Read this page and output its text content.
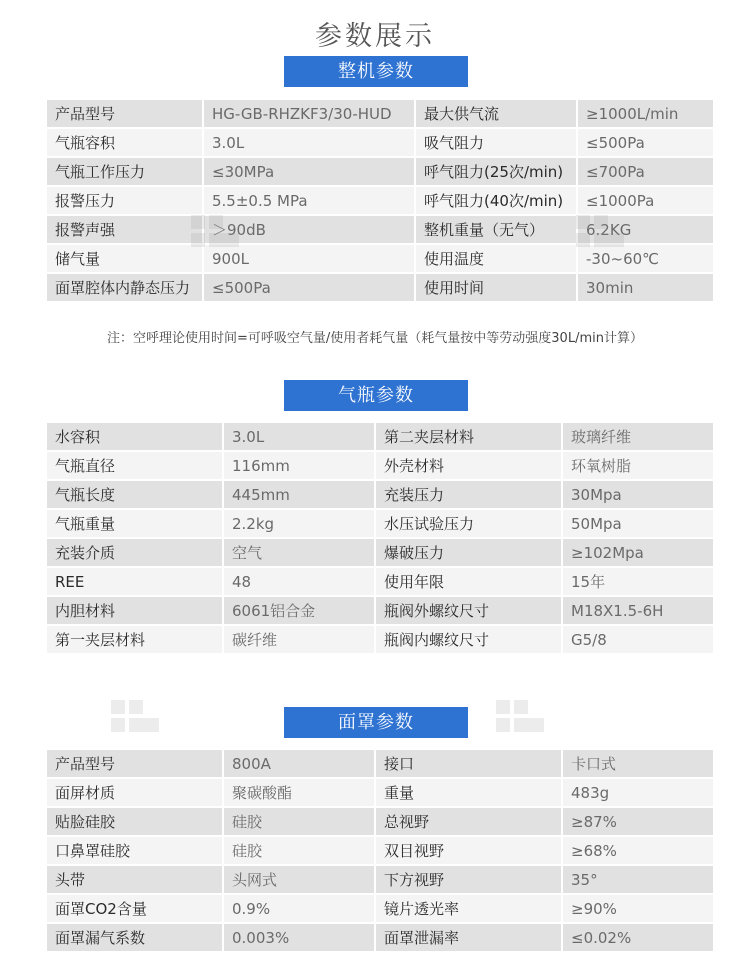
参数展示
整机参数
产品型号	HG-GB-RHZKF3/30-HUD	最大供气流	≥1000L/min
气瓶容积	3.0L	吸气阻力	≤500Pa
气瓶工作压力	≤30MPa	呼气阻力(25次/min)	≤700Pa
报警压力	5.5±0.5 MPa	呼气阻力(40次/min)	≤1000Pa
报警声强	＞90dB	整机重量（无气）	6.2KG
储气量	900L	使用温度	-30~60℃
面罩腔体内静态压力	≤500Pa	使用时间	30min
注：空呼理论使用时间=可呼吸空气量/使用者耗气量（耗气量按中等劳动强度30L/min计算）
气瓶参数
水容积	3.0L	第二夹层材料	玻璃纤维
气瓶直径	116mm	外壳材料	环氧树脂
气瓶长度	445mm	充装压力	30Mpa
气瓶重量	2.2kg	水压试验压力	50Mpa
充装介质	空气	爆破压力	≥102Mpa
REE	48	使用年限	15年
内胆材料	6061铝合金	瓶阀外螺纹尺寸	M18X1.5-6H
第一夹层材料	碳纤维	瓶阀内螺纹尺寸	G5/8
面罩参数
产品型号	800A	接口	卡口式
面屏材质	聚碳酸酯	重量	483g
贴脸硅胶	硅胶	总视野	≥87%
口鼻罩硅胶	硅胶	双目视野	≥68%
头带	头网式	下方视野	35°
面罩CO2含量	0.9%	镜片透光率	≥90%
面罩漏气系数	0.003%	面罩泄漏率	≤0.02%
